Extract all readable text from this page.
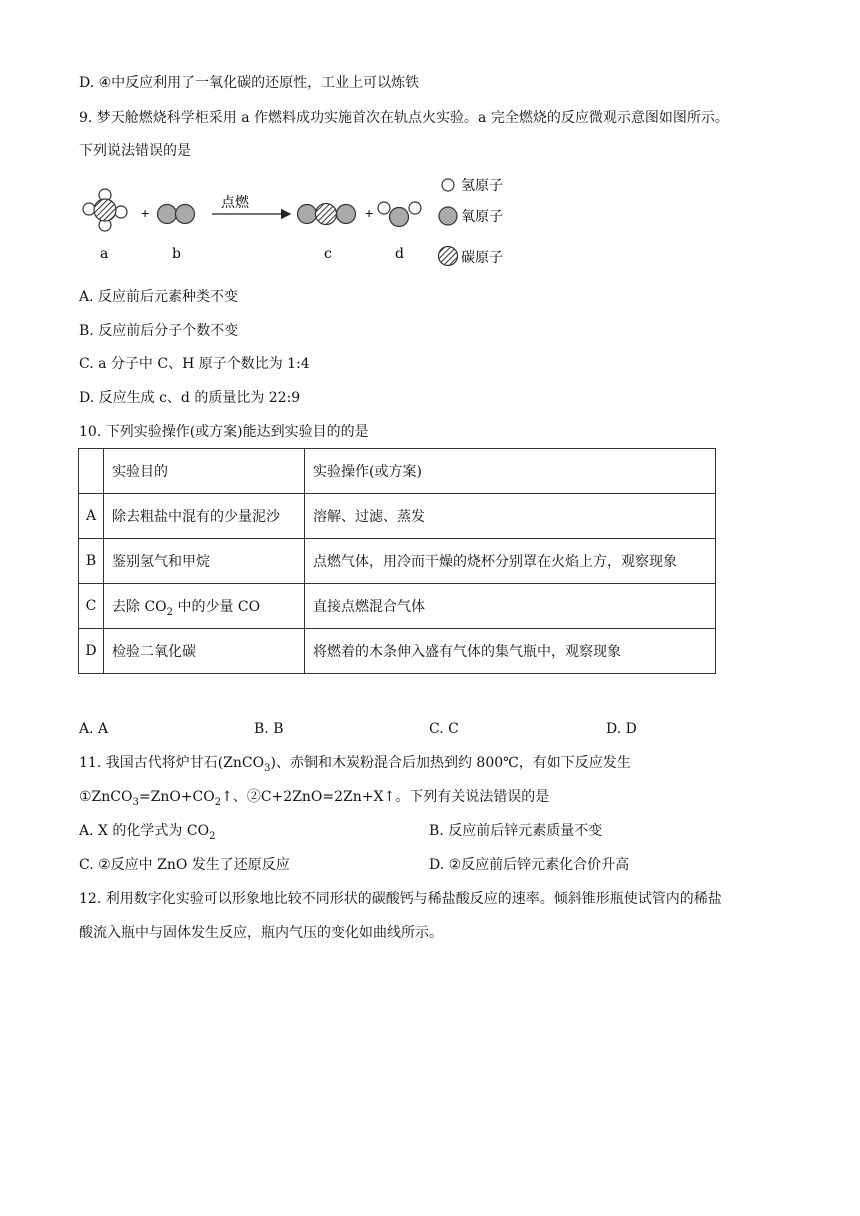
D. ④中反应利用了一氧化碳的还原性，工业上可以炼铁
9. 梦天舱燃烧科学柜采用 a 作燃料成功实施首次在轨点火实验。a 完全燃烧的反应微观示意图如图所示。
下列说法错误的是
+
点燃
+
a	b	c	d
氢原子
氧原子
碳原子
A. 反应前后元素种类不变
B. 反应前后分子个数不变
C. a 分子中 C、H 原子个数比为 1:4
D. 反应生成 c、d 的质量比为 22:9
10. 下列实验操作(或方案)能达到实验目的的是
	实验目的	实验操作(或方案)
A	除去粗盐中混有的少量泥沙	溶解、过滤、蒸发
B	鉴别氢气和甲烷	点燃气体，用冷而干燥的烧杯分别罩在火焰上方，观察现象
C	去除 $CO_2$ 中的少量 CO	直接点燃混合气体
D	检验二氧化碳	将燃着的木条伸入盛有气体的集气瓶中，观察现象
A. A	B. B	C. C	D. D
11. 我国古代将炉甘石(ZnCO$_3$)、赤铜和木炭粉混合后加热到约 800℃，有如下反应发生
$①ZnCO_3=ZnO+CO_2↑$、②C+2ZnO=2Zn+X↑。下列有关说法错误的是
A. X 的化学式为 $CO_2$	B. 反应前后锌元素质量不变
C. ②反应中 ZnO 发生了还原反应	D. ②反应前后锌元素化合价升高
12. 利用数字化实验可以形象地比较不同形状的碳酸钙与稀盐酸反应的速率。倾斜锥形瓶使试管内的稀盐
酸流入瓶中与固体发生反应，瓶内气压的变化如曲线所示。
